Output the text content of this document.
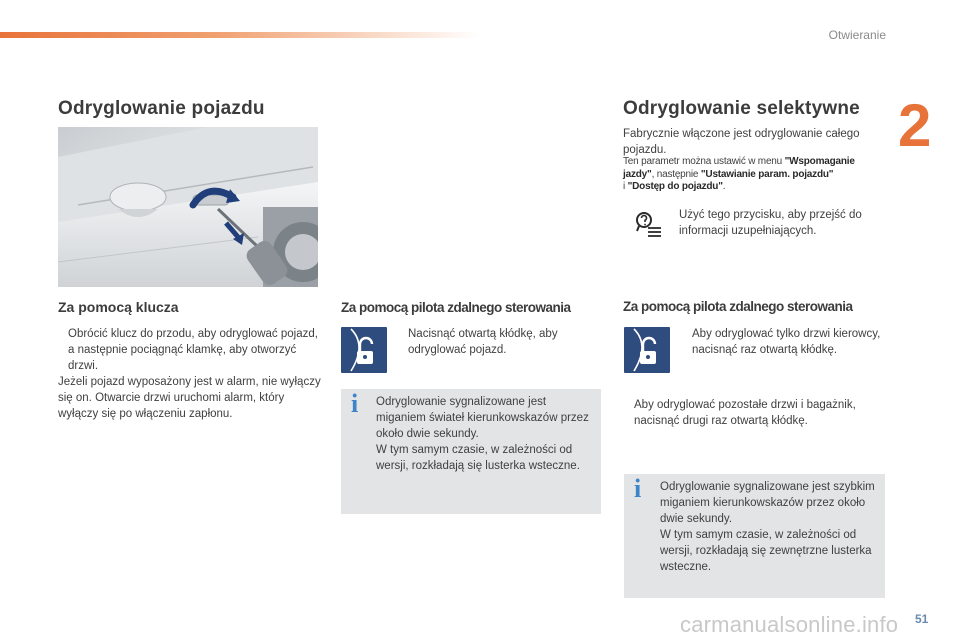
Otwieranie
2
Odryglowanie pojazdu
Za pomocą klucza
Obrócić klucz do przodu, aby odryglować pojazd, a następnie pociągnąć klamkę, aby otworzyć drzwi.
Jeżeli pojazd wyposażony jest w alarm, nie wyłączy się on. Otwarcie drzwi uruchomi alarm, który wyłączy się po włączeniu zapłonu.
Za pomocą pilota zdalnego sterowania
Nacisnąć otwartą kłódkę, aby odryglować pojazd.
i Odryglowanie sygnalizowane jest miganiem świateł kierunkowskazów przez około dwie sekundy.
W tym samym czasie, w zależności od wersji, rozkładają się lusterka wsteczne.
Odryglowanie selektywne
Fabrycznie włączone jest odryglowanie całego pojazdu.
Ten parametr można ustawić w menu "Wspomaganie jazdy", następnie "Ustawianie param. pojazdu"
i "Dostęp do pojazdu".
Użyć tego przycisku, aby przejść do informacji uzupełniających.
Za pomocą pilota zdalnego sterowania
Aby odryglować tylko drzwi kierowcy, nacisnąć raz otwartą kłódkę.
Aby odryglować pozostałe drzwi i bagażnik, nacisnąć drugi raz otwartą kłódkę.
i Odryglowanie sygnalizowane jest szybkim miganiem kierunkowskazów przez około dwie sekundy.
W tym samym czasie, w zależności od wersji, rozkładają się zewnętrzne lusterka wsteczne.
carmanualsonline.info 51
